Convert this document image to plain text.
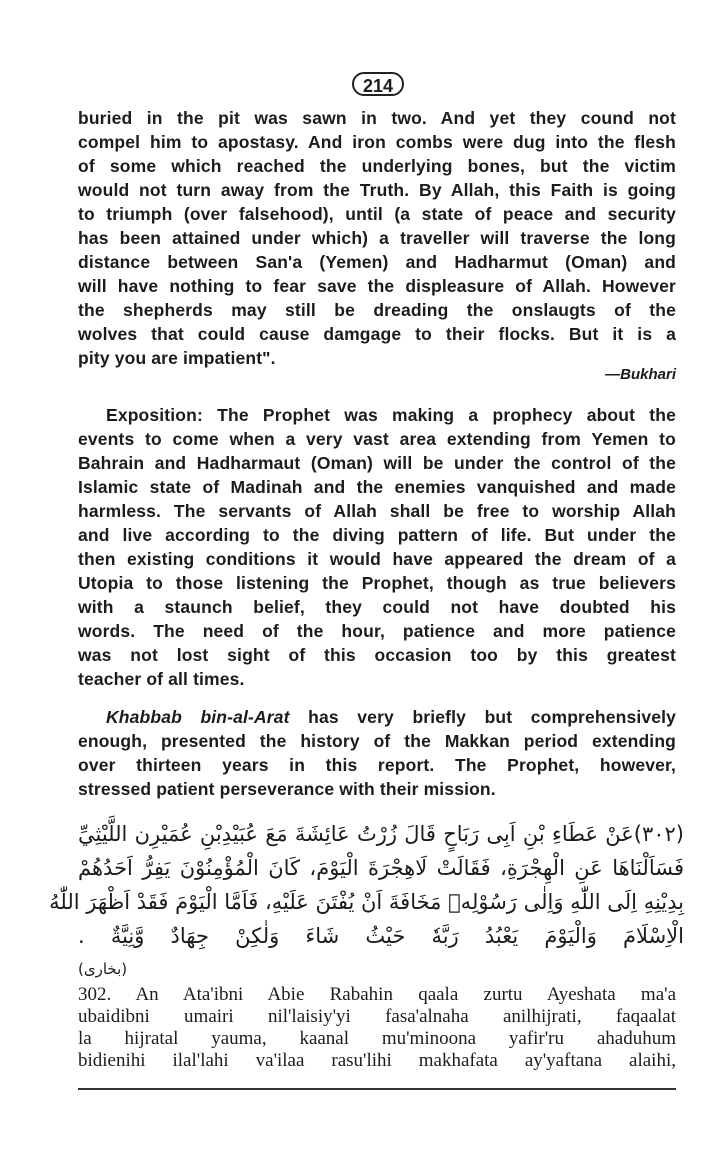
214
buried in the pit was sawn in two. And yet they cound not
compel him to apostasy. And iron combs were dug into the flesh
of some which reached the underlying bones, but the victim
would not turn away from the Truth. By Allah, this Faith is going
to triumph (over falsehood), until (a state of peace and security
has been attained under which) a traveller will traverse the long
distance between San'a (Yemen) and Hadharmut (Oman) and
will have nothing to fear save the displeasure of Allah. However
the shepherds may still be dreading the onslaugts of the
wolves that could cause damgage to their flocks. But it is a
pity you are impatient".
—Bukhari
Exposition: The Prophet was making a prophecy about the
events to come when a very vast area extending from Yemen to
Bahrain and Hadharmaut (Oman) will be under the control of the
Islamic state of Madinah and the enemies vanquished and made
harmless. The servants of Allah shall be free to worship Allah
and live according to the diving pattern of life. But under the
then existing conditions it would have appeared the dream of a
Utopia to those listening the Prophet, though as true believers
with a staunch belief, they could not have doubted his
words. The need of the hour, patience and more patience
was not lost sight of this occasion too by this greatest
teacher of all times.
Khabbab bin-al-Arat has very briefly but comprehensively
enough, presented the history of the Makkan period extending
over thirteen years in this report. The Prophet, however,
stressed patient perseverance with their mission.
(٣٠٢)عَنْ عَطَاءِ بْنِ اَبِى رَبَاحٍ قَالَ زُرْتُ عَائِشَةَ مَعَ عُبَيْدِبْنِ عُمَيْرِن اللَّيْثِيِّ
فَسَاَلْنَاهَا عَنِ الْهِجْرَةِ، فَقَالَتْ لَاهِجْرَةَ الْيَوْمَ، كَانَ الْمُؤْمِنُوْنَ يَفِرُّ اَحَدُهُمْ
بِدِيْنِهِ اِلَى اللّٰهِ وَاِلٰى رَسُوْلِهٖ مَخَافَةَ اَنْ يُفْتَنَ عَلَيْهِ، فَاَمَّا الْيَوْمَ فَقَدْ اَظْهَرَ اللّٰهُ
الْاِسْلَامَ وَالْيَوْمَ يَعْبُدُ رَبَّهٗ حَيْثُ شَاءَ وَلٰكِنْ جِهَادٌ وَّنِيَّةٌ .
(بخاری)
302. An Ata'ibni Abie Rabahin qaala zurtu Ayeshata ma'a
ubaidibni umairi nil'laisiy'yi fasa'alnaha anilhijrati, faqaalat
la hijratal yauma, kaanal mu'minoona yafir'ru ahaduhum
bidienihi ilal'lahi va'ilaa rasu'lihi makhafata ay'yaftana alaihi,
